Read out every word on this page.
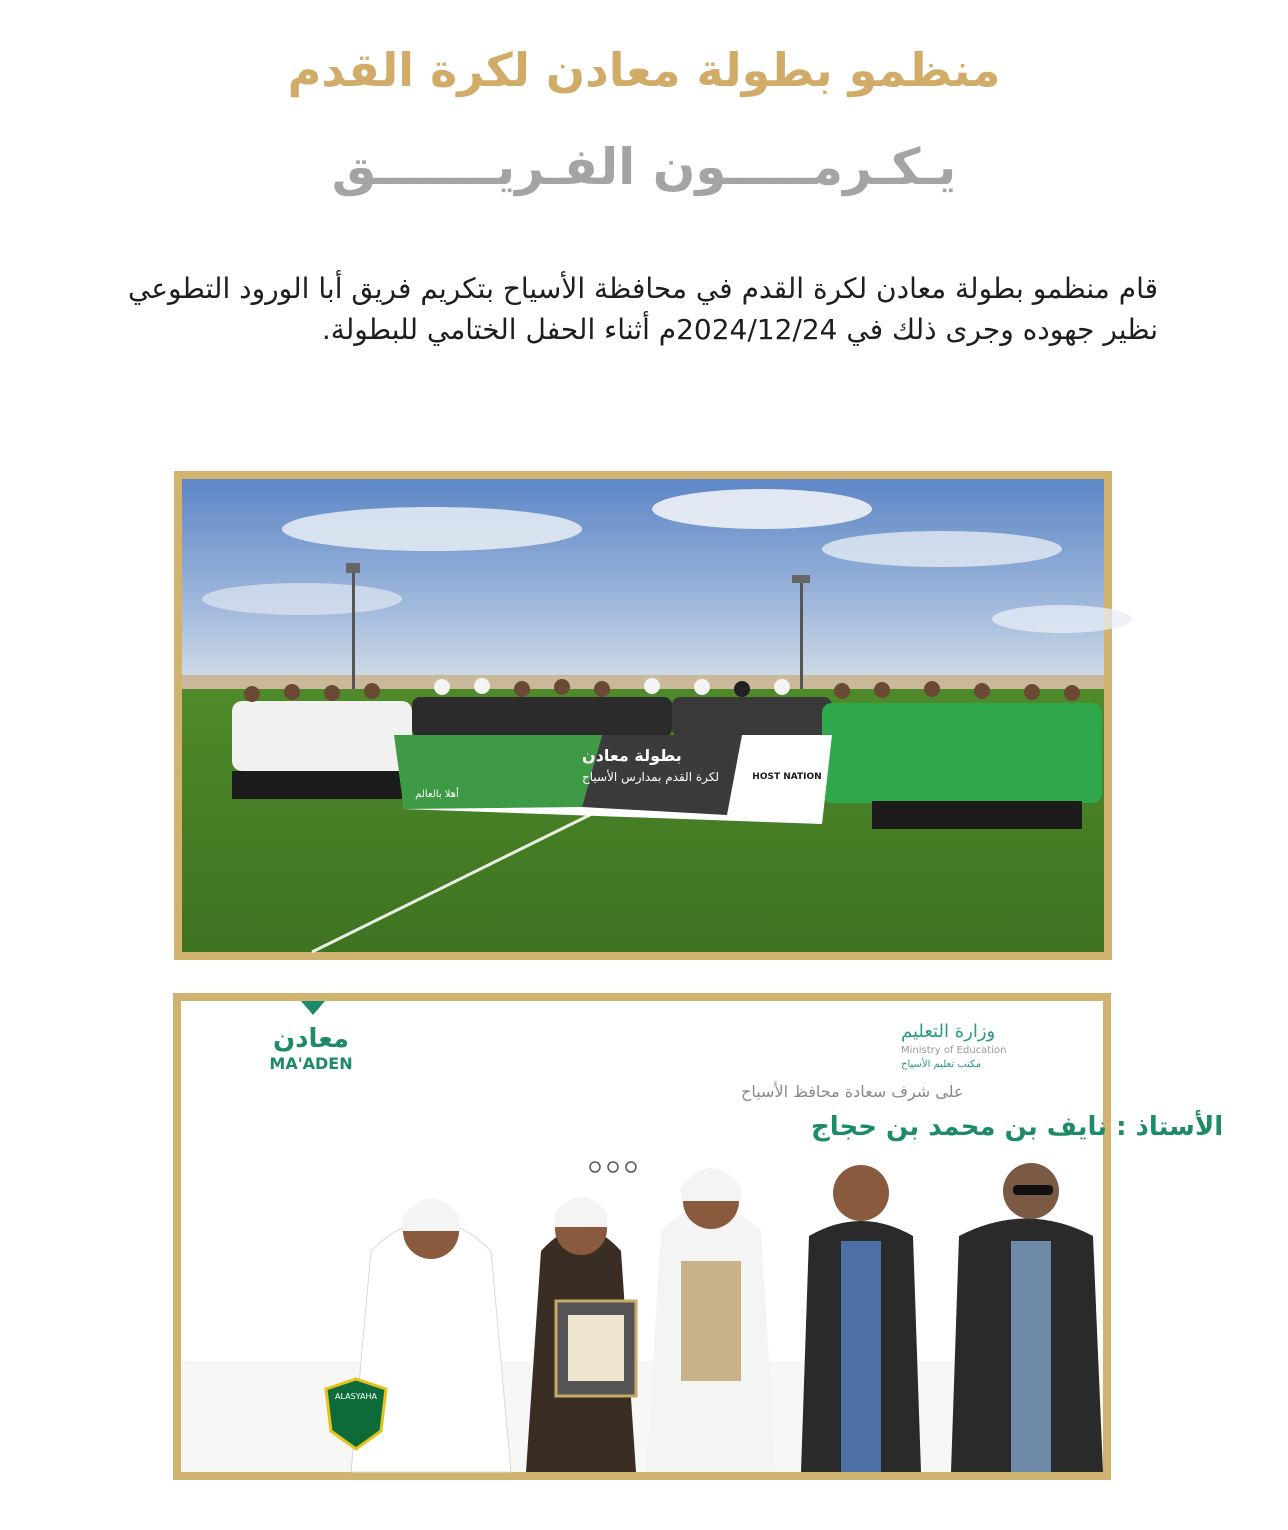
منظمو بطولة معادن لكرة القدم
يـكـرمـــــون الفـريـــــــق

قام منظمو بطولة معادن لكرة القدم في محافظة الأسياح بتكريم فريق أبا الورود التطوعي نظير جهوده وجرى ذلك في 2024/12/24م أثناء الحفل الختامي للبطولة.

بطولة معادن
لكرة القدم بمدارس الأسياح
أهلا بالعالم
HOST NATION
معادن
MA'ADEN
وزارة التعليم
Ministry of Education
مكتب تعليم الأسياح
على شرف سعادة محافظ الأسياح
الأستاذ : نايف بن محمد بن حجاج
ALASYAHA
